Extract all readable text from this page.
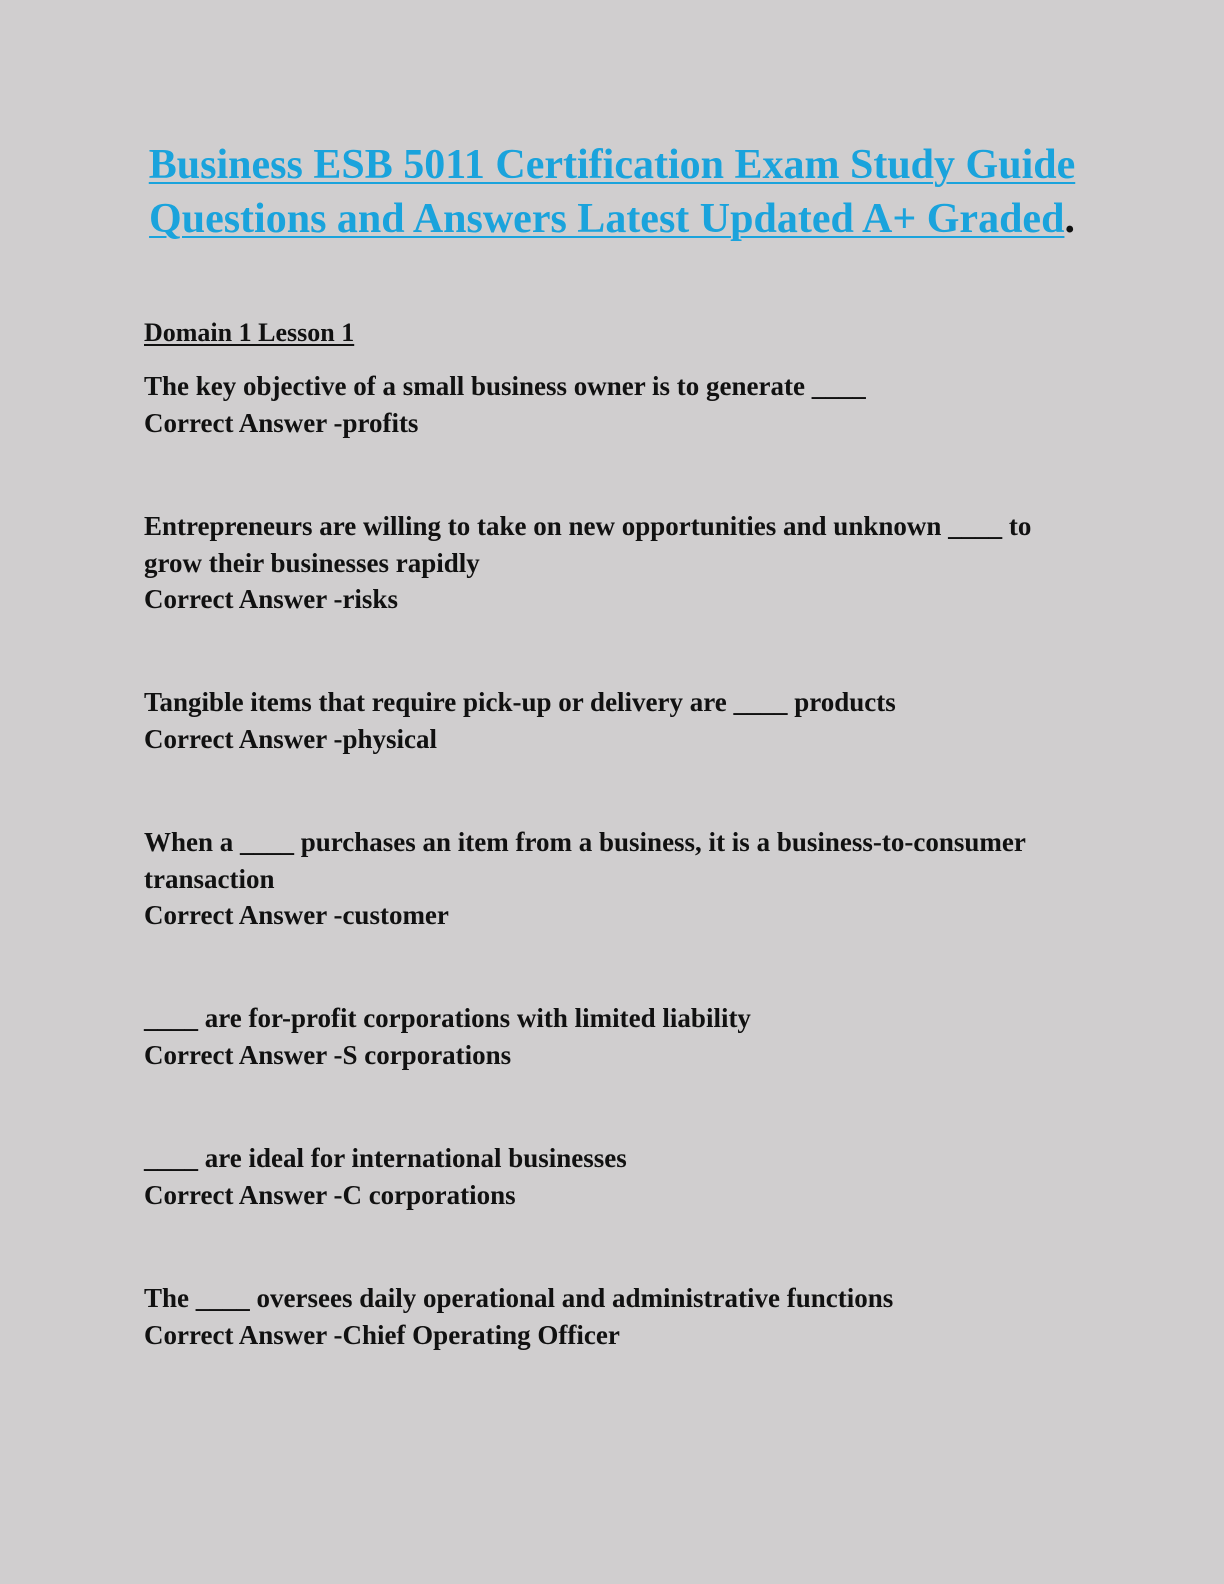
Business ESB 5011 Certification Exam Study Guide Questions and Answers Latest Updated A+ Graded.
Domain 1 Lesson 1
The key objective of a small business owner is to generate ____
Correct Answer -profits
Entrepreneurs are willing to take on new opportunities and unknown ____ to grow their businesses rapidly
Correct Answer -risks
Tangible items that require pick-up or delivery are ____ products
Correct Answer -physical
When a ____ purchases an item from a business, it is a business-to-consumer transaction
Correct Answer -customer
____ are for-profit corporations with limited liability
Correct Answer -S corporations
____ are ideal for international businesses
Correct Answer -C corporations
The ____ oversees daily operational and administrative functions
Correct Answer -Chief Operating Officer
